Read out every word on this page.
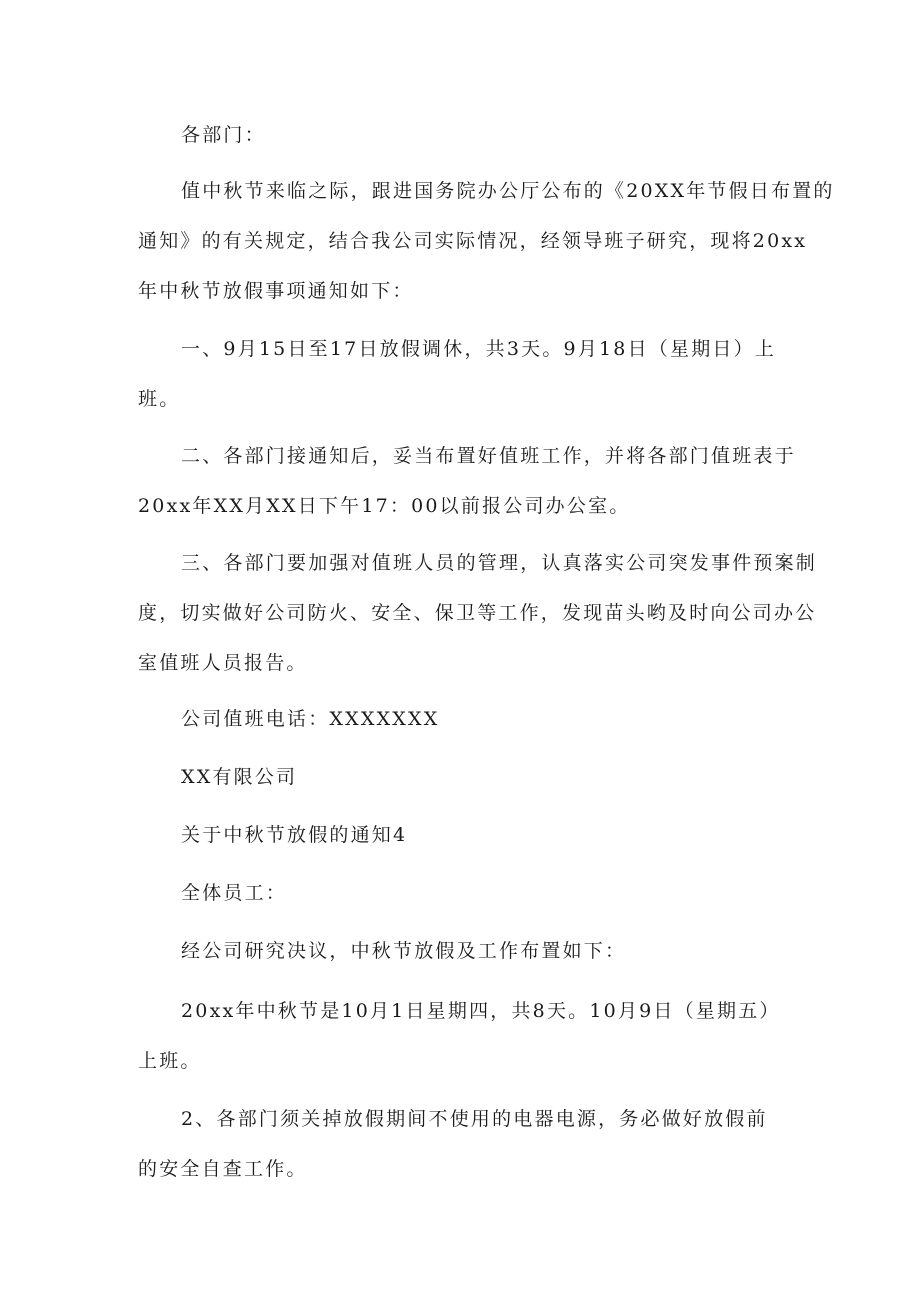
各部门：
值中秋节来临之际，跟进国务院办公厅公布的《20XX年节假日布置的
通知》的有关规定，结合我公司实际情况，经领导班子研究，现将20xx
年中秋节放假事项通知如下：
一、9月15日至17日放假调休，共3天。9月18日（星期日）上
班。
二、各部门接通知后，妥当布置好值班工作，并将各部门值班表于
20xx年XX月XX日下午17：00以前报公司办公室。
三、各部门要加强对值班人员的管理，认真落实公司突发事件预案制
度，切实做好公司防火、安全、保卫等工作，发现苗头哟及时向公司办公
室值班人员报告。
公司值班电话：XXXXXXX
XX有限公司
关于中秋节放假的通知4
全体员工：
经公司研究决议，中秋节放假及工作布置如下：
20xx年中秋节是10月1日星期四，共8天。10月9日（星期五）
上班。
2、各部门须关掉放假期间不使用的电器电源，务必做好放假前
的安全自查工作。
